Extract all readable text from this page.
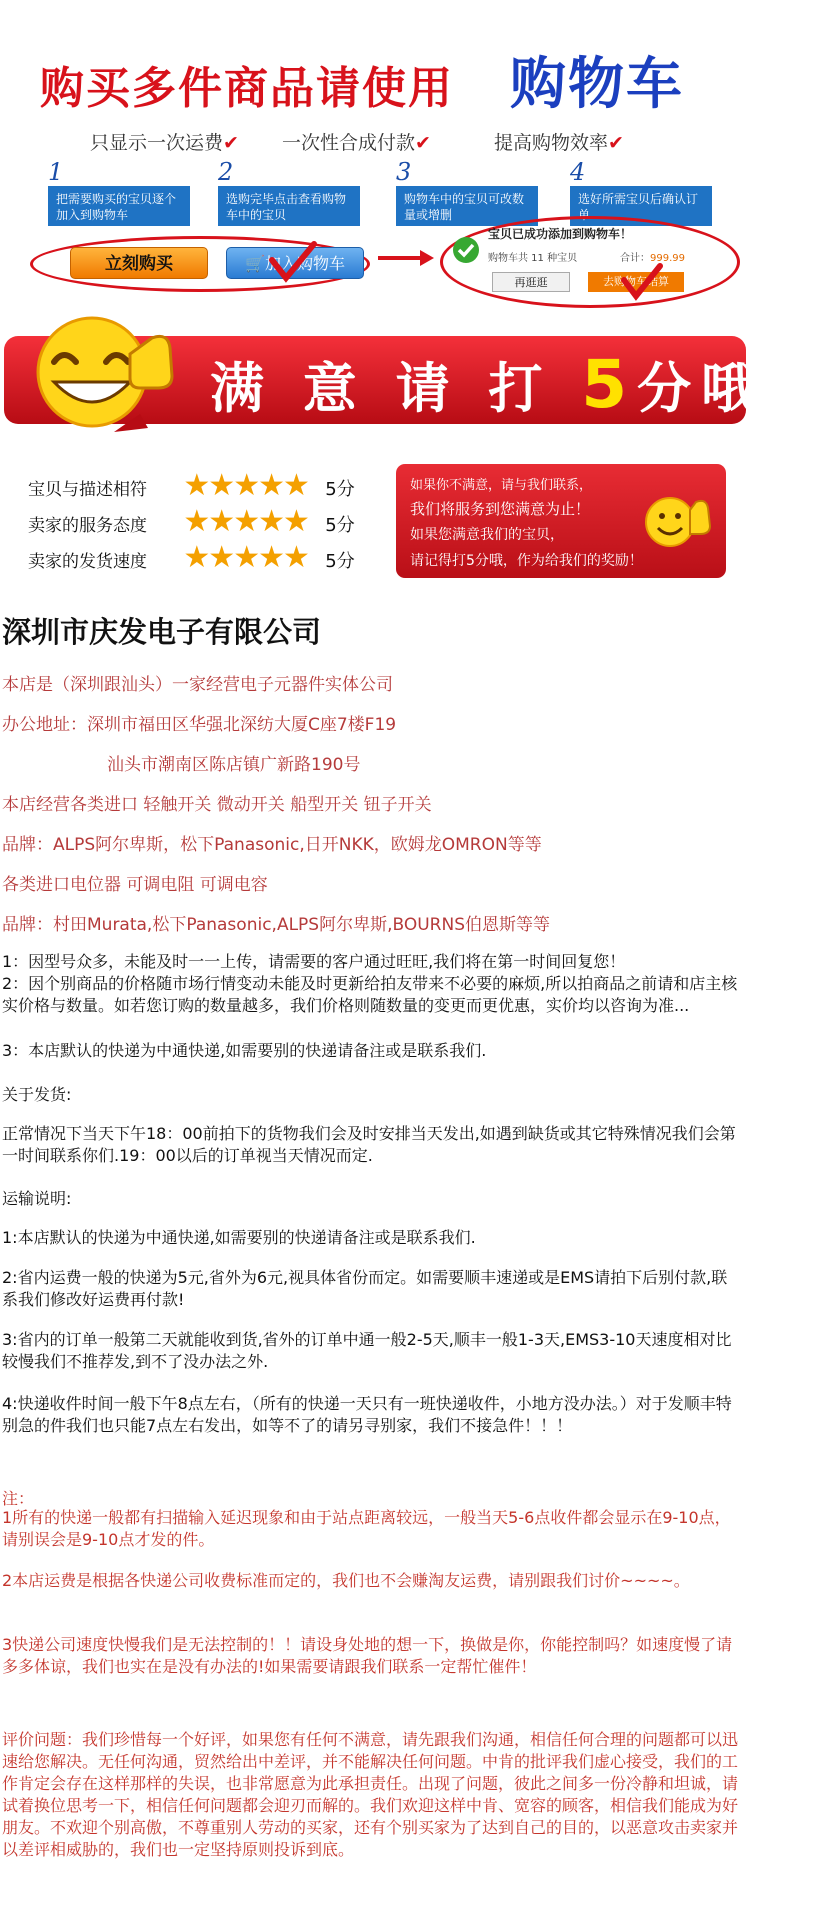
购买多件商品请使用 购物车
只显示一次运费✔ 一次性合成付款✔	提高购物效率✔
1
把需要购买的宝贝逐个加入到购物车
2
选购完毕点击查看购物车中的宝贝
3
购物车中的宝贝可改数量或增删
4
选好所需宝贝后确认订单
立刻购买	🛒加入购物车
宝贝已成功添加到购物车！
购物车共 11 种宝贝	合计：999.99
再逛逛	去购物车结算
满 意 请 打 5分哦！
宝贝与描述相符 ★★★★★ 5分
卖家的服务态度 ★★★★★ 5分
卖家的发货速度 ★★★★★ 5分
如果你不满意，请与我们联系，
我们将服务到您满意为止！
如果您满意我们的宝贝，
请记得打5分哦，作为给我们的奖励！
深圳市庆发电子有限公司
本店是（深圳跟汕头）一家经营电子元器件实体公司
办公地址：深圳市福田区华强北深纺大厦C座7楼F19
汕头市潮南区陈店镇广新路190号
本店经营各类进口 轻触开关 微动开关 船型开关 钮子开关
品牌：ALPS阿尔卑斯，松下Panasonic,日开NKK，欧姆龙OMRON等等
各类进口电位器 可调电阻 可调电容
品牌：村田Murata,松下Panasonic,ALPS阿尔卑斯,BOURNS伯恩斯等等
1：因型号众多，未能及时一一上传，请需要的客户通过旺旺,我们将在第一时间回复您！
2：因个别商品的价格随市场行情变动未能及时更新给拍友带来不必要的麻烦,所以拍商品之前请和店主核实价格与数量。如若您订购的数量越多，我们价格则随数量的变更而更优惠，实价均以咨询为准...
3：本店默认的快递为中通快递,如需要别的快递请备注或是联系我们.
关于发货:
正常情况下当天下午18：00前拍下的货物我们会及时安排当天发出,如遇到缺货或其它特殊情况我们会第一时间联系你们.19：00以后的订单视当天情况而定.
运输说明:
1:本店默认的快递为中通快递,如需要别的快递请备注或是联系我们.
2:省内运费一般的快递为5元,省外为6元,视具体省份而定。如需要顺丰速递或是EMS请拍下后别付款,联系我们修改好运费再付款!
3:省内的订单一般第二天就能收到货,省外的订单中通一般2-5天,顺丰一般1-3天,EMS3-10天速度相对比较慢我们不推荐发,到不了没办法之外.
4:快递收件时间一般下午8点左右，（所有的快递一天只有一班快递收件，小地方没办法。）对于发顺丰特别急的件我们也只能7点左右发出，如等不了的请另寻别家，我们不接急件！！！
注：
1所有的快递一般都有扫描输入延迟现象和由于站点距离较远，一般当天5-6点收件都会显示在9-10点，请别误会是9-10点才发的件。
2本店运费是根据各快递公司收费标准而定的，我们也不会赚淘友运费，请别跟我们讨价~~~~。
3快递公司速度快慢我们是无法控制的！！请设身处地的想一下，换做是你，你能控制吗？如速度慢了请多多体谅，我们也实在是没有办法的!如果需要请跟我们联系一定帮忙催件！
评价问题：我们珍惜每一个好评，如果您有任何不满意，请先跟我们沟通，相信任何合理的问题都可以迅速给您解决。无任何沟通，贸然给出中差评，并不能解决任何问题。中肯的批评我们虚心接受，我们的工作肯定会存在这样那样的失误，也非常愿意为此承担责任。出现了问题，彼此之间多一份冷静和坦诚，请试着换位思考一下，相信任何问题都会迎刃而解的。我们欢迎这样中肯、宽容的顾客，相信我们能成为好朋友。不欢迎个别高傲，不尊重别人劳动的买家，还有个别买家为了达到自己的目的，以恶意攻击卖家并以差评相威胁的，我们也一定坚持原则投诉到底。
